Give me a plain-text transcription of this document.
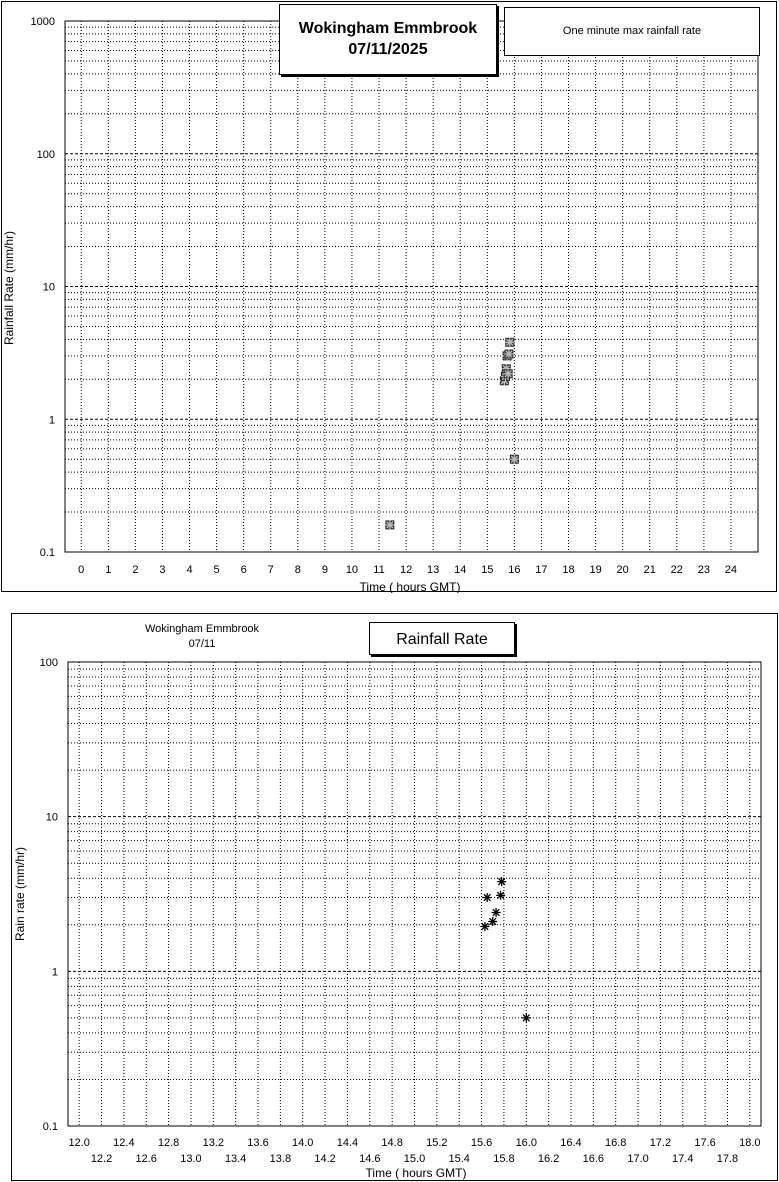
0.1
1
10
100
1000
0 1 2 3 4 5 6 7 8 9 10 11 12 13 14 15 16 17 18 19 20 21 22 23 24
Time ( hours GMT)
Rainfall Rate (mm/hr)
Wokingham Emmbrook
07/11/2025
One minute max rainfall rate
0.1
1
10
100
12.0
12.2
12.4
12.6
12.8
13.0
13.2
13.4
13.6
13.8
14.0
14.2
14.4
14.6
14.8
15.0
15.2
15.4
15.6
15.8
16.0
16.2
16.4
16.6
16.8
17.0
17.2
17.4
17.6
17.8
18.0
Time ( hours GMT)
Rain rate (mm/hr)
Wokingham Emmbrook
07/11	Rainfall Rate
